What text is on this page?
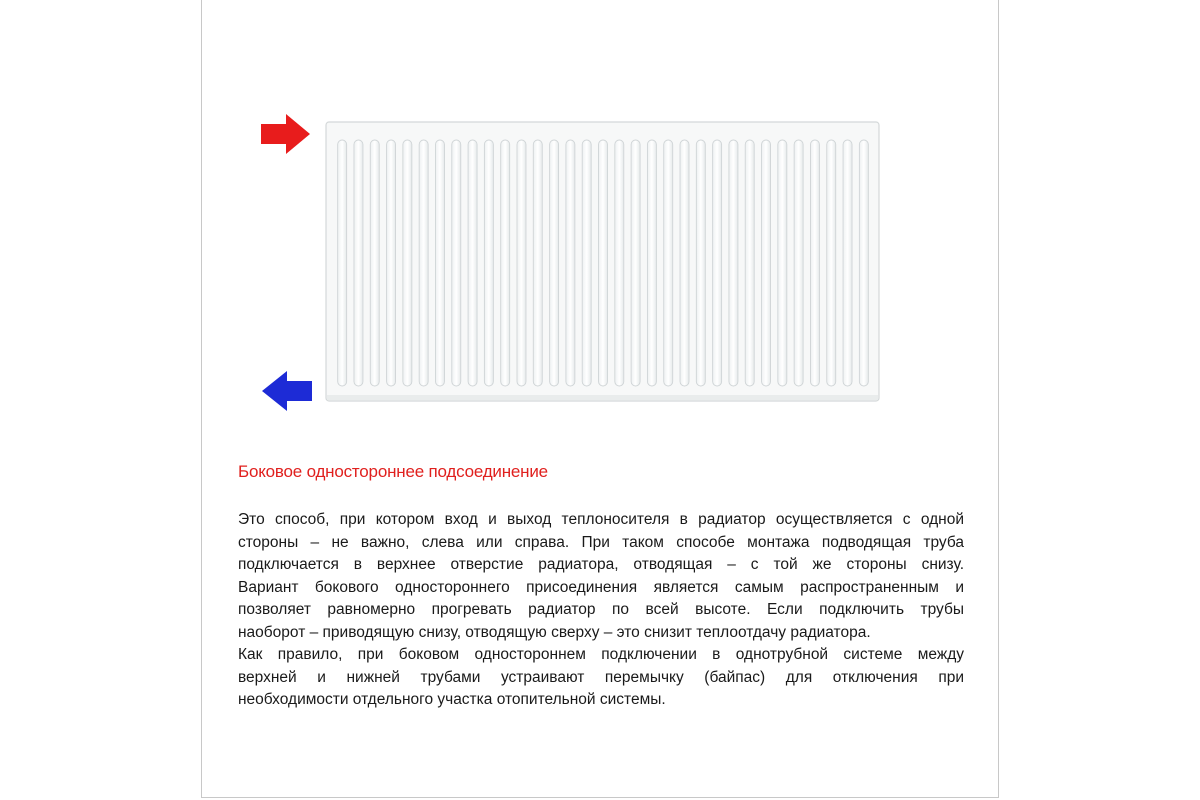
Боковое одностороннее подсоединение
Это способ, при котором вход и выход теплоносителя в радиатор осуществляется с одной
стороны – не важно, слева или справа. При таком способе монтажа подводящая труба
подключается в верхнее отверстие радиатора, отводящая – с той же стороны снизу.
Вариант бокового одностороннего присоединения является самым распространенным и
позволяет равномерно прогревать радиатор по всей высоте. Если подключить трубы
наоборот – приводящую снизу, отводящую сверху – это снизит теплоотдачу радиатора.
Как правило, при боковом одностороннем подключении в однотрубной системе между
верхней и нижней трубами устраивают перемычку (байпас) для отключения при
необходимости отдельного участка отопительной системы.
